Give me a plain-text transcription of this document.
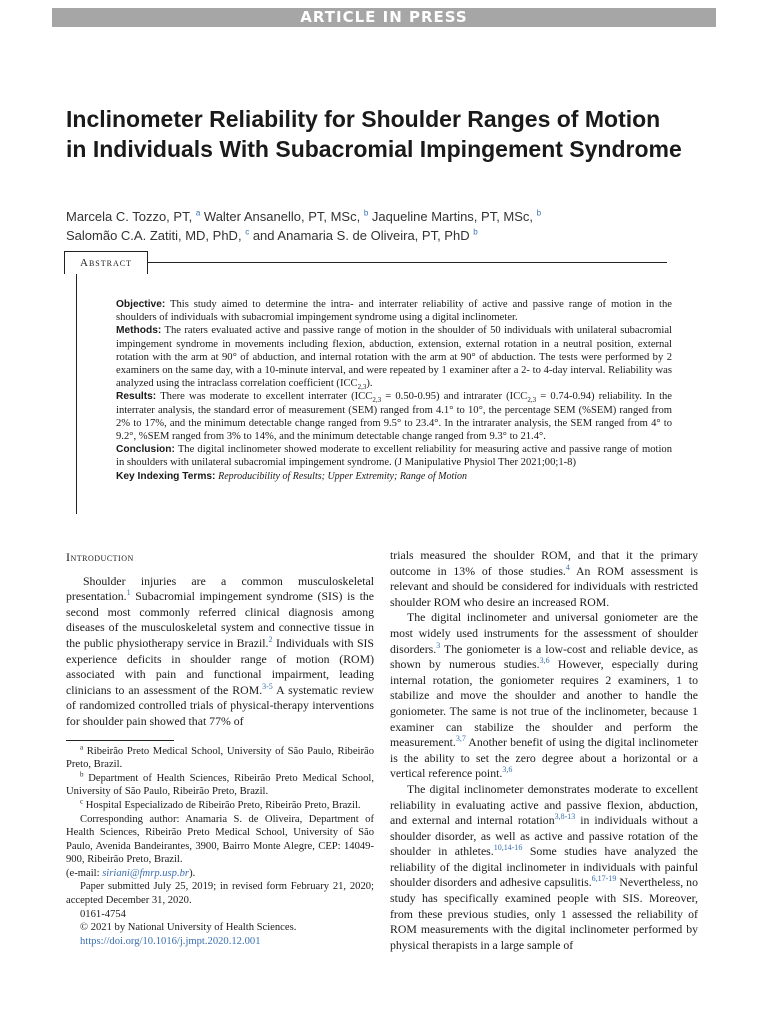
ARTICLE IN PRESS
Inclinometer Reliability for Shoulder Ranges of Motion in Individuals With Subacromial Impingement Syndrome
Marcela C. Tozzo, PT, $^a$ Walter Ansanello, PT, MSc, $^b$ Jaqueline Martins, PT, MSc, $^b$
Salomão C.A. Zatiti, MD, PhD, $^c$ and Anamaria S. de Oliveira, PT, PhD $^b$
Abstract

Objective: This study aimed to determine the intra- and interrater reliability of active and passive range of motion in the shoulders of individuals with subacromial impingement syndrome using a digital inclinometer.

Methods: The raters evaluated active and passive range of motion in the shoulder of 50 individuals with unilateral subacromial impingement syndrome in movements including flexion, abduction, extension, external rotation in a neutral position, external rotation with the arm at 90° of abduction, and internal rotation with the arm at 90° of abduction. The tests were performed by 2 examiners on the same day, with a 10-minute interval, and were repeated by 1 examiner after a 2- to 4-day interval. Reliability was analyzed using the intraclass correlation coefficient $(ICC_{2,3})$.

Results: There was moderate to excellent interrater $(ICC_{2,3} = 0.50-0.95)$ and intrarater $(ICC_{2,3} = 0.74-0.94)$ reliability. In the interrater analysis, the standard error of measurement (SEM) ranged from 4.1° to 10°, the percentage SEM (%SEM) ranged from 2% to 17%, and the minimum detectable change ranged from 9.5° to 23.4°. In the intrarater analysis, the SEM ranged from 4° to 9.2°, %SEM ranged from 3% to 14%, and the minimum detectable change ranged from 9.3° to 21.4°.

Conclusion: The digital inclinometer showed moderate to excellent reliability for measuring active and passive range of motion in shoulders with unilateral subacromial impingement syndrome. (J Manipulative Physiol Ther 2021;00;1-8)

Key Indexing Terms: Reproducibility of Results; Upper Extremity; Range of Motion

Introduction

Shoulder injuries are a common musculoskeletal presentation.$^1$ Subacromial impingement syndrome (SIS) is the second most commonly referred clinical diagnosis among diseases of the musculoskeletal system and connective tissue in the public physiotherapy service in Brazil.$^2$ Individuals with SIS experience deficits in shoulder range of motion (ROM) associated with pain and functional impairment, leading clinicians to an assessment of the ROM.$^{3-5}$ A systematic review of randomized controlled trials of physical-therapy interventions for shoulder pain showed that 77% of

$^a$ Ribeirão Preto Medical School, University of São Paulo, Ribeirão Preto, Brazil.

$^b$ Department of Health Sciences, Ribeirão Preto Medical School, University of São Paulo, Ribeirão Preto, Brazil.

$^c$ Hospital Especializado de Ribeirão Preto, Ribeirão Preto, Brazil.

Corresponding author: Anamaria S. de Oliveira, Department of Health Sciences, Ribeirão Preto Medical School, University of São Paulo, Avenida Bandeirantes, 3900, Bairro Monte Alegre, CEP: 14049-900, Ribeirão Preto, Brazil.

(e-mail: siriani@fmrp.usp.br).

Paper submitted July 25, 2019; in revised form February 21, 2020; accepted December 31, 2020.

0161-4754

© 2021 by National University of Health Sciences.

https://doi.org/10.1016/j.jmpt.2020.12.001

trials measured the shoulder ROM, and that it the primary outcome in 13% of those studies.$^4$ An ROM assessment is relevant and should be considered for individuals with restricted shoulder ROM who desire an increased ROM.

The digital inclinometer and universal goniometer are the most widely used instruments for the assessment of shoulder disorders.$^3$ The goniometer is a low-cost and reliable device, as shown by numerous studies.$^{3,6}$ However, especially during internal rotation, the goniometer requires 2 examiners, 1 to stabilize and move the shoulder and another to handle the goniometer. The same is not true of the inclinometer, because 1 examiner can stabilize the shoulder and perform the measurement.$^{3,7}$ Another benefit of using the digital inclinometer is the ability to set the zero degree about a horizontal or a vertical reference point.$^{3,6}$

The digital inclinometer demonstrates moderate to excellent reliability in evaluating active and passive flexion, abduction, and external and internal rotation$^{3,8-13}$ in individuals without a shoulder disorder, as well as active and passive rotation of the shoulder in athletes.$^{10,14-16}$ Some studies have analyzed the reliability of the digital inclinometer in individuals with painful shoulder disorders and adhesive capsulitis.$^{6,17-19}$ Nevertheless, no study has specifically examined people with SIS. Moreover, from these previous studies, only 1 assessed the reliability of ROM measurements with the digital inclinometer performed by physical therapists in a large sample of
